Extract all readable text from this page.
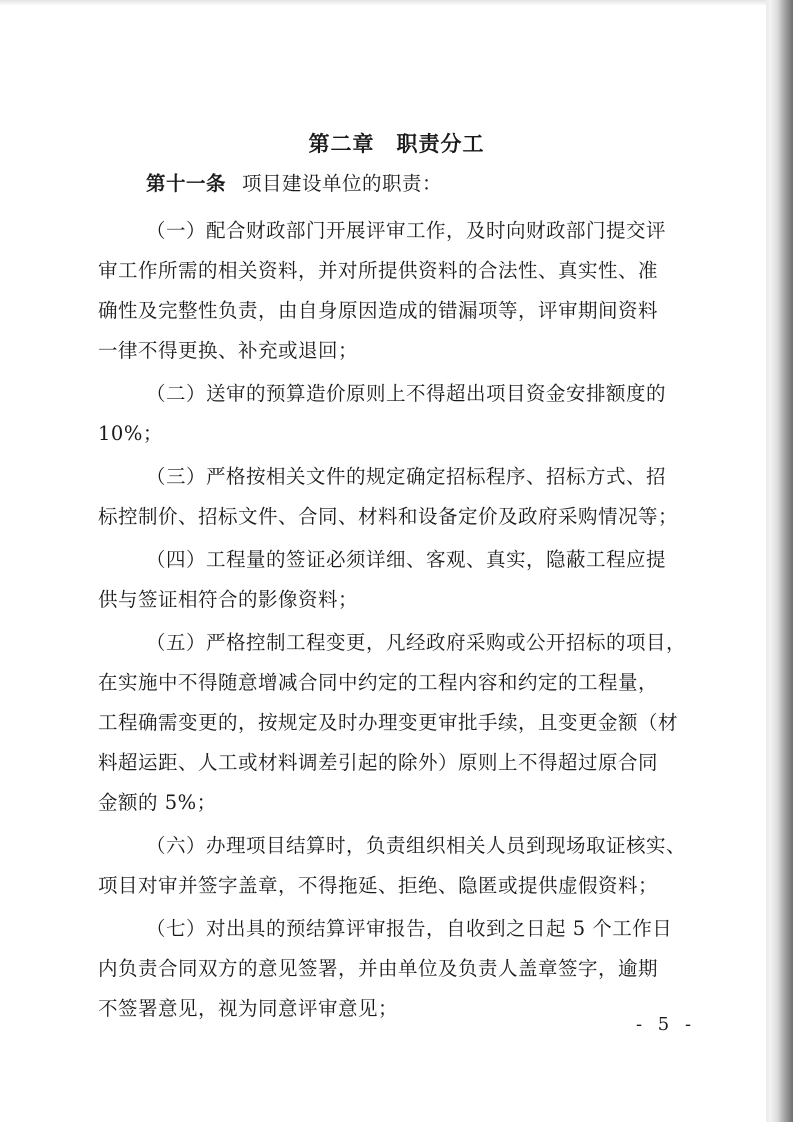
第二章　职责分工

第十一条 项目建设单位的职责：

（一）配合财政部门开展评审工作，及时向财政部门提交评

审工作所需的相关资料，并对所提供资料的合法性、真实性、准

确性及完整性负责，由自身原因造成的错漏项等，评审期间资料

一律不得更换、补充或退回；

（二）送审的预算造价原则上不得超出项目资金安排额度的

10%；

（三）严格按相关文件的规定确定招标程序、招标方式、招

标控制价、招标文件、合同、材料和设备定价及政府采购情况等；

（四）工程量的签证必须详细、客观、真实，隐蔽工程应提

供与签证相符合的影像资料；

（五）严格控制工程变更，凡经政府采购或公开招标的项目，

在实施中不得随意增减合同中约定的工程内容和约定的工程量，

工程确需变更的，按规定及时办理变更审批手续，且变更金额（材

料超运距、人工或材料调差引起的除外）原则上不得超过原合同

金额的 5%；

（六）办理项目结算时，负责组织相关人员到现场取证核实、

项目对审并签字盖章，不得拖延、拒绝、隐匿或提供虚假资料；

（七）对出具的预结算评审报告，自收到之日起 5 个工作日

内负责合同双方的意见签署，并由单位及负责人盖章签字，逾期

不签署意见，视为同意评审意见；

- 5 -
